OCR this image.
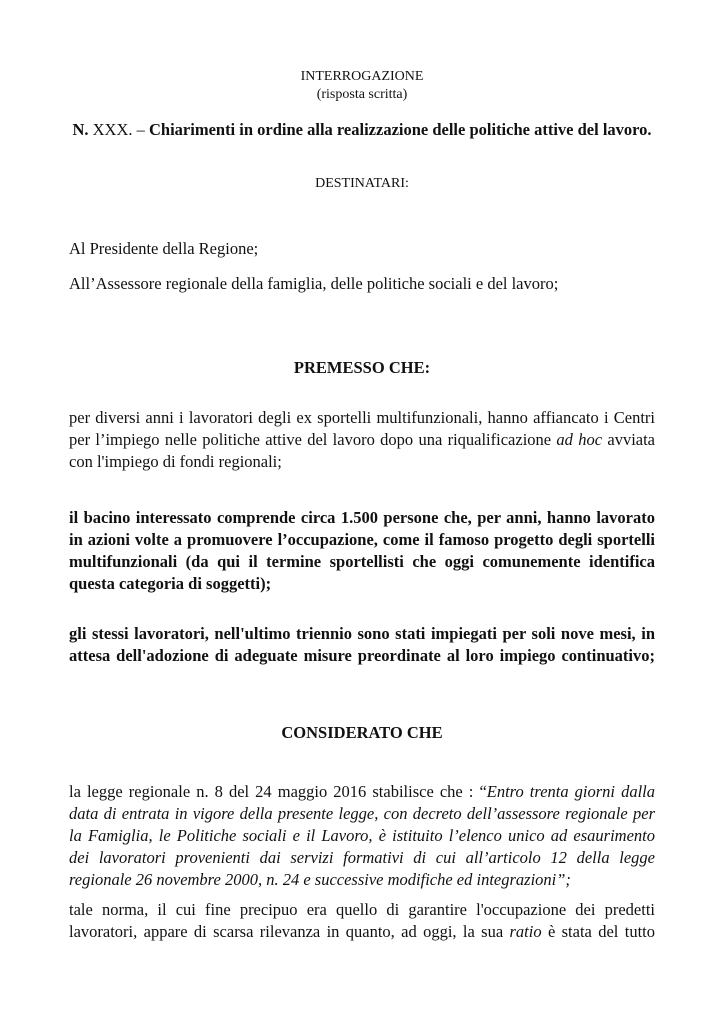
INTERROGAZIONE
(risposta scritta)
N. XXX. – Chiarimenti in ordine alla realizzazione delle politiche attive del lavoro.
DESTINATARI:
Al Presidente della Regione;
All’Assessore regionale della famiglia, delle politiche sociali e del lavoro;
PREMESSO CHE:
per diversi anni i lavoratori degli ex sportelli multifunzionali, hanno affiancato i Centri
per l’impiego nelle politiche attive del lavoro dopo una riqualificazione ad hoc avviata
con l'impiego di fondi regionali;
il bacino interessato comprende circa 1.500 persone che, per anni, hanno lavorato
in azioni volte a promuovere l’occupazione, come il famoso progetto degli sportelli
multifunzionali (da qui il termine sportellisti che oggi comunemente identifica
questa categoria di soggetti);
gli stessi lavoratori, nell'ultimo triennio sono stati impiegati per soli nove mesi, in
attesa dell'adozione di adeguate misure preordinate al loro impiego continuativo;
CONSIDERATO CHE
la legge regionale n. 8 del 24 maggio 2016 stabilisce che : “Entro trenta giorni dalla
data di entrata in vigore della presente legge, con decreto dell’assessore regionale per
la Famiglia, le Politiche sociali e il Lavoro, è istituito l’elenco unico ad esaurimento
dei lavoratori provenienti dai servizi formativi di cui all’articolo 12 della legge
regionale 26 novembre 2000, n. 24 e successive modifiche ed integrazioni”;
tale norma, il cui fine precipuo era quello di garantire l'occupazione dei predetti
lavoratori, appare di scarsa rilevanza in quanto, ad oggi, la sua ratio è stata del tutto
